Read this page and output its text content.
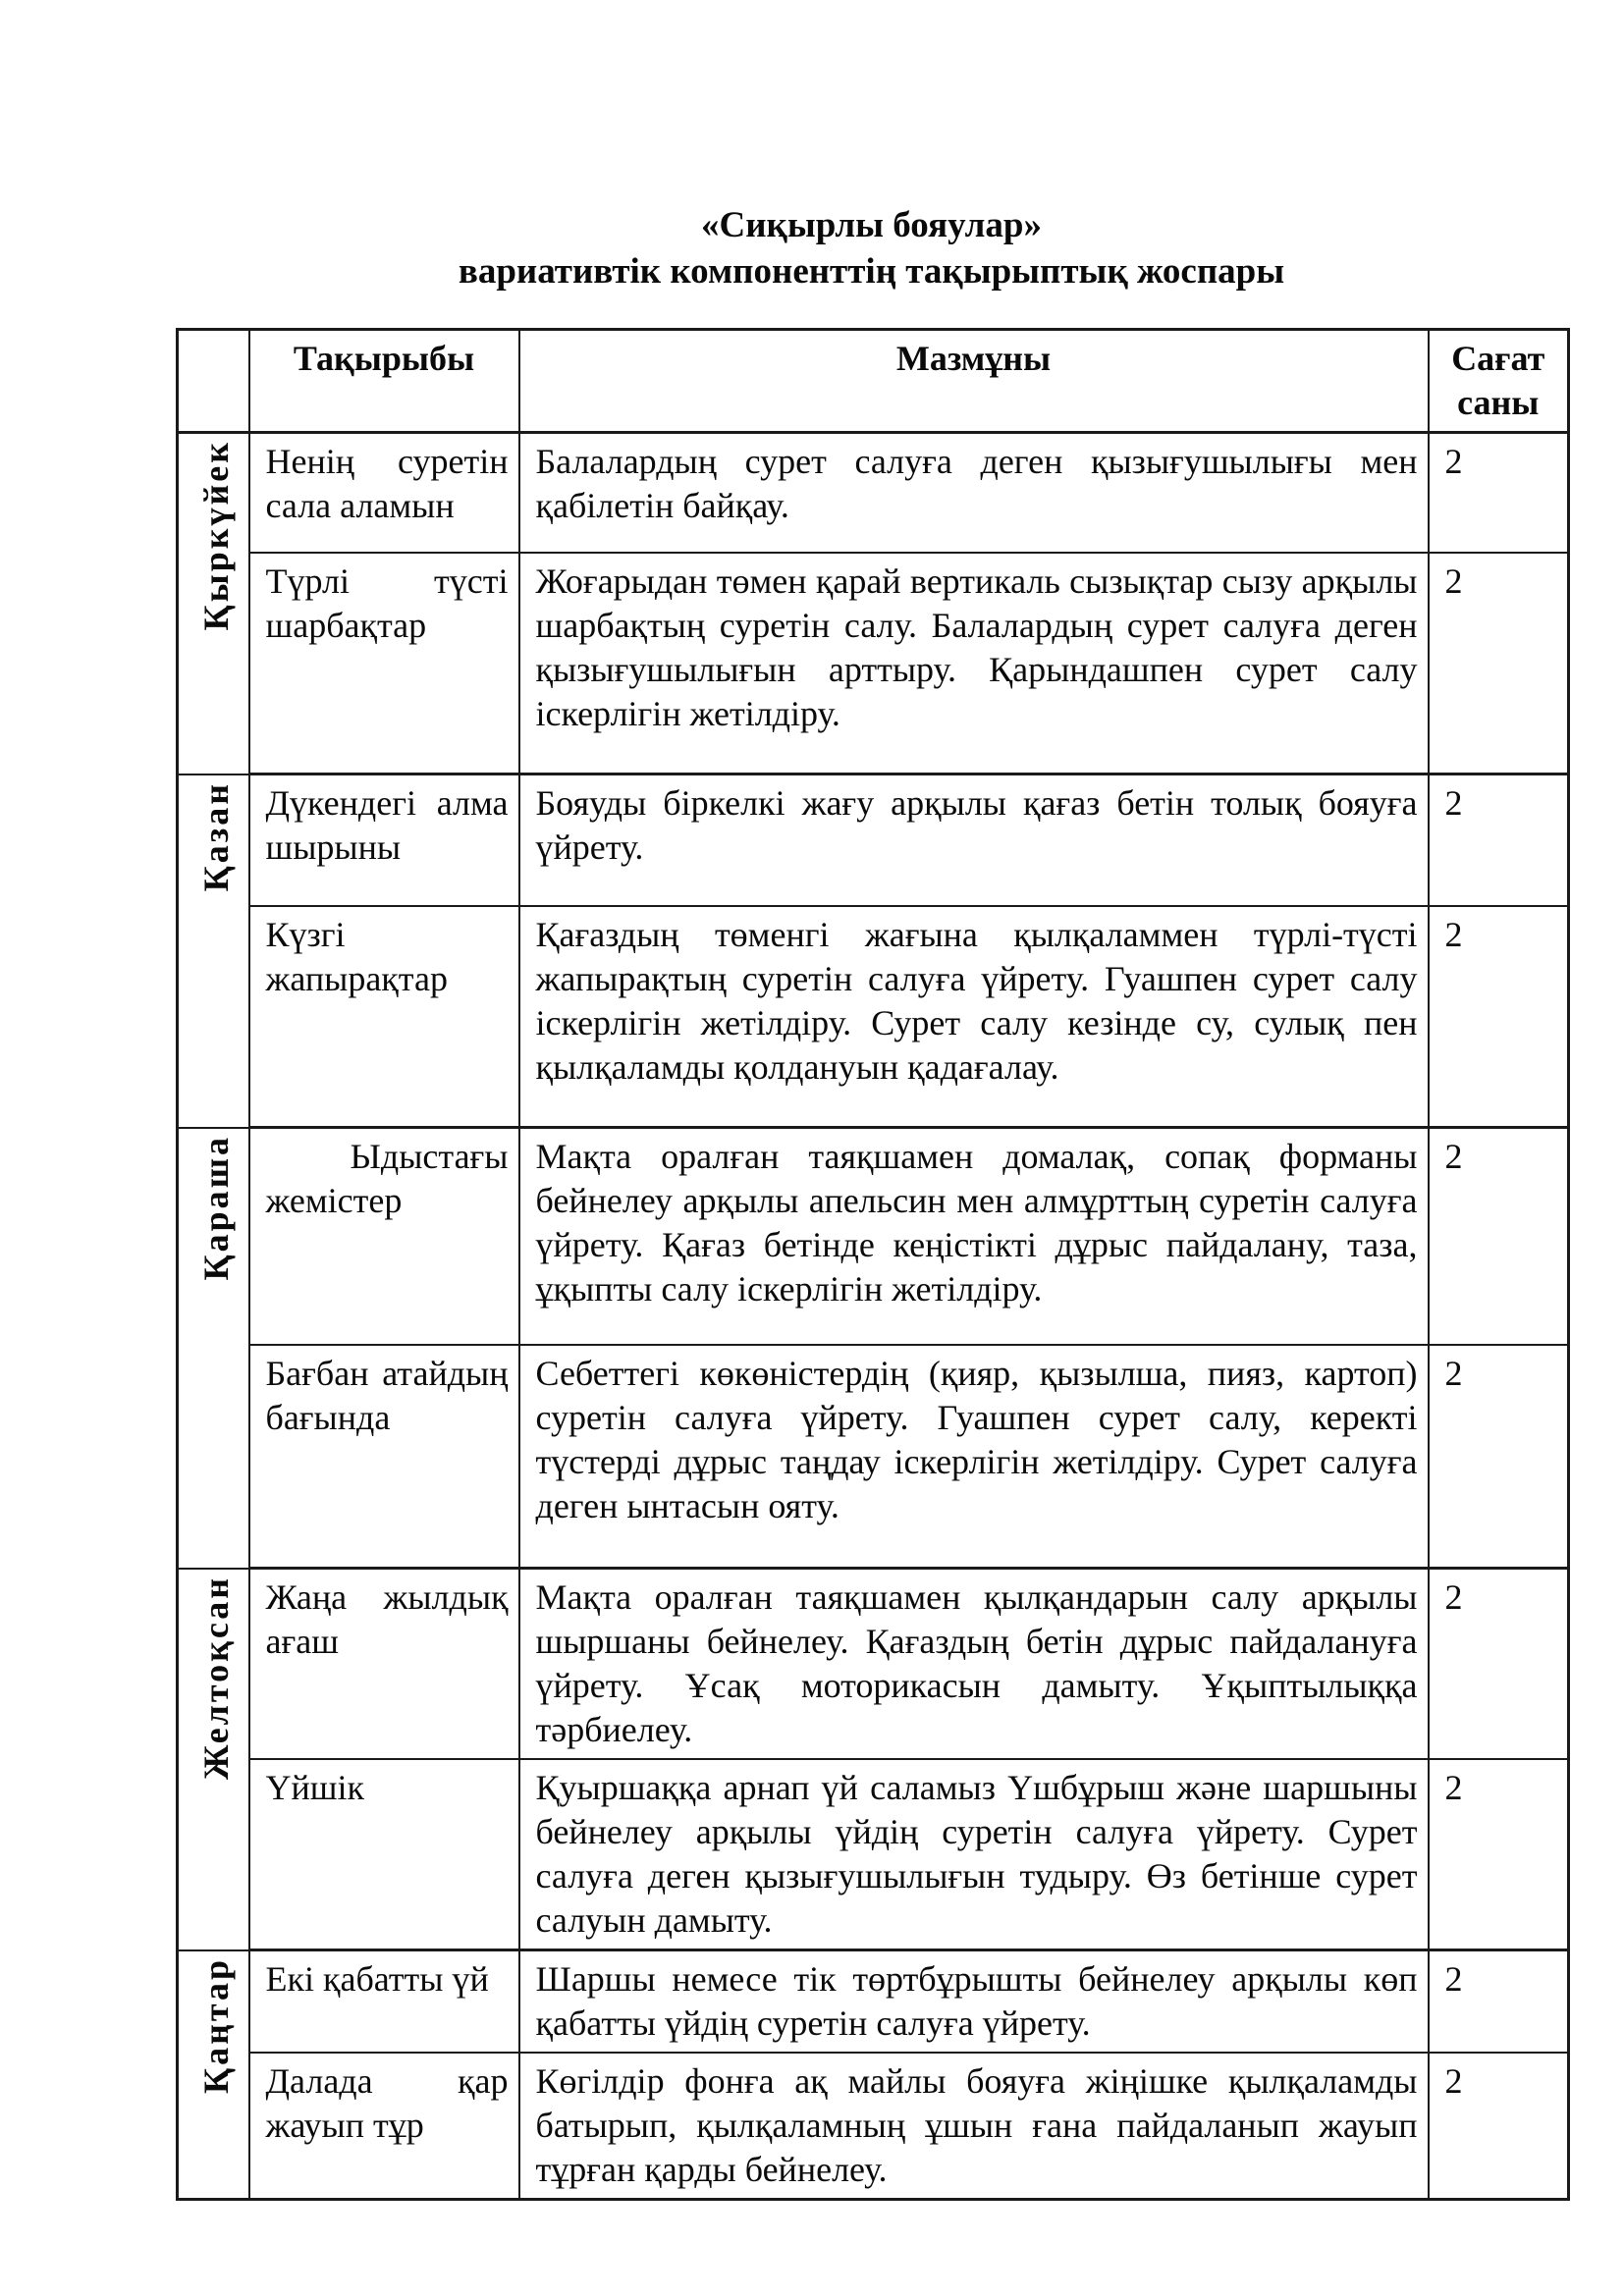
«Сиқырлы бояулар»
вариативтік компоненттің тақырыптық жоспары
	Тақырыбы	Мазмұны	Сағат саны
Қыркүйек	Ненің суретін сала аламын	Балалардың сурет салуға деген қызығушылығы мен қабілетін байқау.	2
	Түрлі түсті шарбақтар	Жоғарыдан төмен қарай вертикаль сызықтар сызу арқылы шарбақтың суретін салу. Балалардың сурет салуға деген қызығушылығын арттыру. Қарындашпен сурет салу іскерлігін жетілдіру.	2
Қазан	Дүкендегі алма шырыны	Бояуды біркелкі жағу арқылы қағаз бетін толық бояуға үйрету.	2
	Күзгі жапырақтар	Қағаздың төменгі жағына қылқаламмен түрлі-түсті жапырақтың суретін салуға үйрету. Гуашпен сурет салу іскерлігін жетілдіру. Сурет салу кезінде су, сулық пен қылқаламды қолдануын қадағалау.	2
Қараша	Ыдыстағы жемістер	Мақта оралған таяқшамен домалақ, сопақ форманы бейнелеу арқылы апельсин мен алмұрттың суретін салуға үйрету. Қағаз бетінде кеңістікті дұрыс пайдалану, таза, ұқыпты салу іскерлігін жетілдіру.	2
	Бағбан атайдың бағында	Себеттегі көкөністердің (қияр, қызылша, пияз, картоп) суретін салуға үйрету. Гуашпен сурет салу, керекті түстерді дұрыс таңдау іскерлігін жетілдіру. Сурет салуға деген ынтасын ояту.	2
Желтоқсан	Жаңа жылдық ағаш	Мақта оралған таяқшамен қылқандарын салу арқылы шыршаны бейнелеу. Қағаздың бетін дұрыс пайдалануға үйрету. Ұсақ моторикасын дамыту. Ұқыптылыққа тәрбиелеу.	2
	Үйшік	Қуыршаққа арнап үй саламыз Үшбұрыш және шаршыны бейнелеу арқылы үйдің суретін салуға үйрету. Сурет салуға деген қызығушылығын тудыру. Өз бетінше сурет салуын дамыту.	2
Қаңтар	Екі қабатты үй	Шаршы немесе тік төртбұрышты бейнелеу арқылы көп қабатты үйдің суретін салуға үйрету.	2
	Далада қар жауып тұр	Көгілдір фонға ақ майлы бояуға жіңішке қылқаламды батырып, қылқаламның ұшын ғана пайдаланып жауып тұрған қарды бейнелеу.	2
